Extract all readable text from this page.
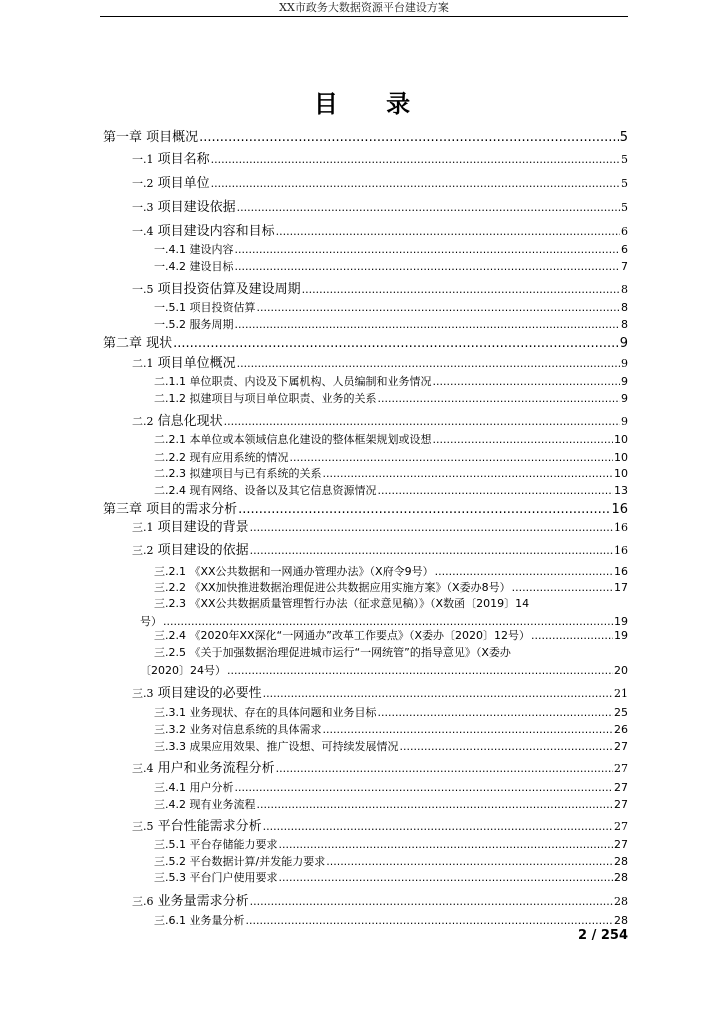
XX市政务大数据资源平台建设方案
目 录
第一章 项目概况 .....	5
一.1 项目名称 .....	5
一.2 项目单位 .....	5
一.3 项目建设依据 .....	5
一.4 项目建设内容和目标 .....	6
一.4.1 建设内容 .....	6
一.4.2 建设目标 .....	7
一.5 项目投资估算及建设周期 .....	8
一.5.1 项目投资估算 .....	8
一.5.2 服务周期 .....	8
第二章 现状 .....	9
二.1 项目单位概况 .....	9
二.1.1 单位职责、内设及下属机构、人员编制和业务情况 .....	9
二.1.2 拟建项目与项目单位职责、业务的关系 .....	9
二.2 信息化现状 .....	9
二.2.1 本单位或本领域信息化建设的整体框架规划或设想 .....	10
二.2.2 现有应用系统的情况 .....	10
二.2.3 拟建项目与已有系统的关系 .....	10
二.2.4 现有网络、设备以及其它信息资源情况 .....	13
第三章 项目的需求分析 .....	16
三.1 项目建设的背景 .....	16
三.2 项目建设的依据 .....	16
三.2.1 《XX公共数据和一网通办管理办法》（X府令9号） .....	16
三.2.2 《XX加快推进数据治理促进公共数据应用实施方案》（X委办8号） .....	17
三.2.3 《XX公共数据质量管理暂行办法（征求意见稿）》（X数函〔2019〕14
号） .....	19
三.2.4 《2020年XX深化“一网通办”改革工作要点》（X委办〔2020〕12号） .....	19
三.2.5 《关于加强数据治理促进城市运行“一网统管”的指导意见》（X委办
〔2020〕24号） .....	20
三.3 项目建设的必要性 .....	21
三.3.1 业务现状、存在的具体问题和业务目标 .....	25
三.3.2 业务对信息系统的具体需求 .....	26
三.3.3 成果应用效果、推广设想、可持续发展情况 .....	27
三.4 用户和业务流程分析 .....	27
三.4.1 用户分析 .....	27
三.4.2 现有业务流程 .....	27
三.5 平台性能需求分析 .....	27
三.5.1 平台存储能力要求 .....	27
三.5.2 平台数据计算/并发能力要求 .....	28
三.5.3 平台门户使用要求 .....	28
三.6 业务量需求分析 .....	28
三.6.1 业务量分析 .....	28
2 / 254
